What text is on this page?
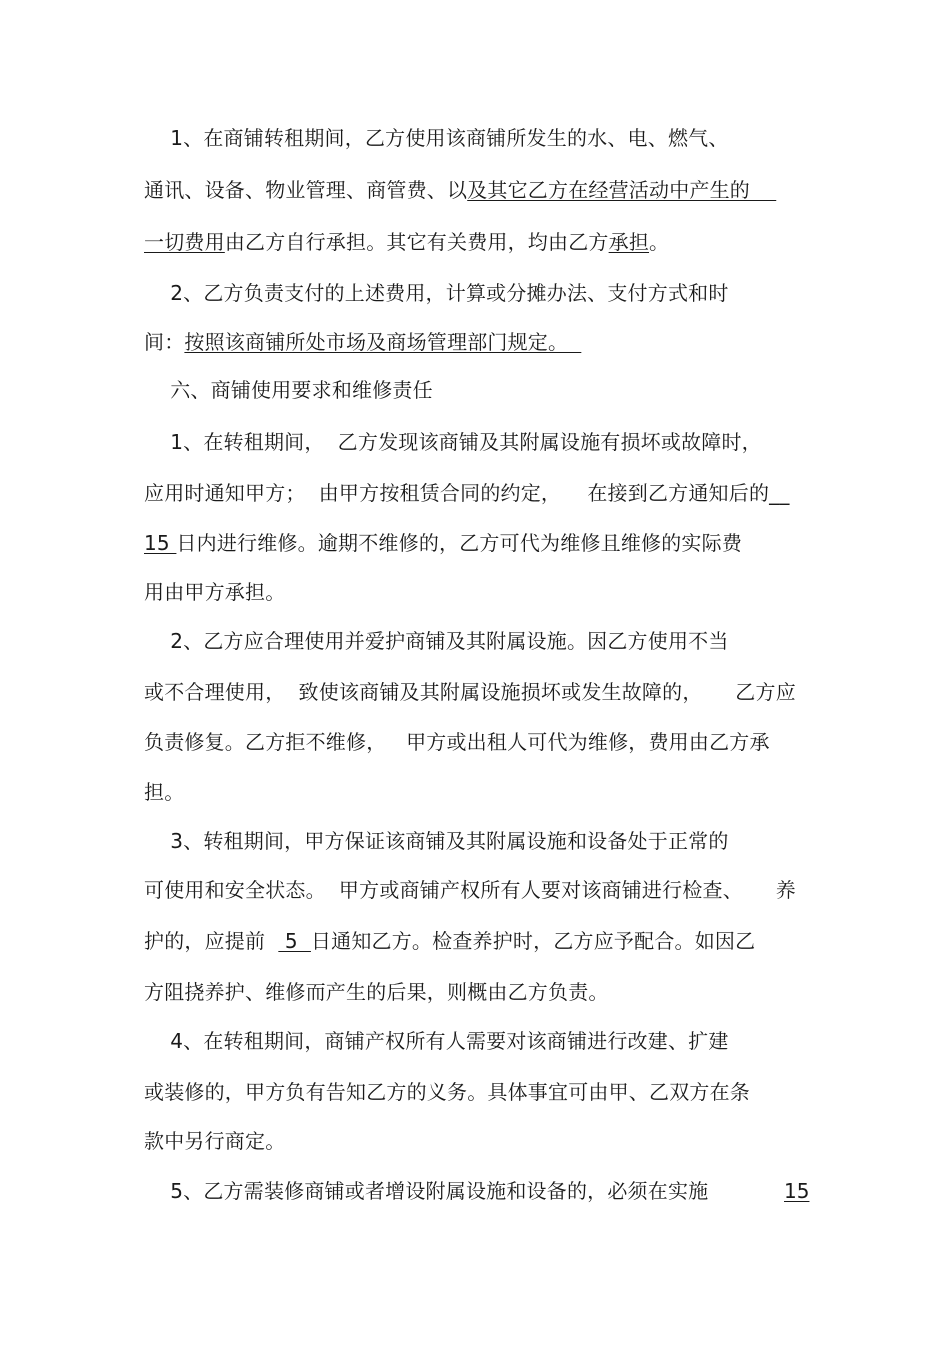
1、在商铺转租期间，乙方使用该商铺所发生的水、电、燃气、
通讯、设备、物业管理、商管费、以及其它乙方在经营活动中产生的
一切费用由乙方自行承担。其它有关费用，均由乙方承担。
2、乙方负责支付的上述费用，计算或分摊办法、支付方式和时
间：按照该商铺所处市场及商场管理部门规定。
六、商铺使用要求和维修责任
1、在转租期间，  乙方发现该商铺及其附属设施有损坏或故障时，
应用时通知甲方；  由甲方按租赁合同的约定，    在接到乙方通知后的__
15 日内进行维修。逾期不维修的，乙方可代为维修且维修的实际费
用由甲方承担。
2、乙方应合理使用并爱护商铺及其附属设施。因乙方使用不当
或不合理使用，  致使该商铺及其附属设施损坏或发生故障的，     乙方应
负责修复。乙方拒不维修，   甲方或出租人可代为维修，费用由乙方承
担。
3、转租期间，甲方保证该商铺及其附属设施和设备处于正常的
可使用和安全状态。  甲方或商铺产权所有人要对该商铺进行检查、     养
护的，应提前   5  日通知乙方。检查养护时，乙方应予配合。如因乙
方阻挠养护、维修而产生的后果，则概由乙方负责。
4、在转租期间，商铺产权所有人需要对该商铺进行改建、扩建
或装修的，甲方负有告知乙方的义务。具体事宜可由甲、乙双方在条
款中另行商定。
5、乙方需装修商铺或者增设附属设施和设备的，必须在实施	15
